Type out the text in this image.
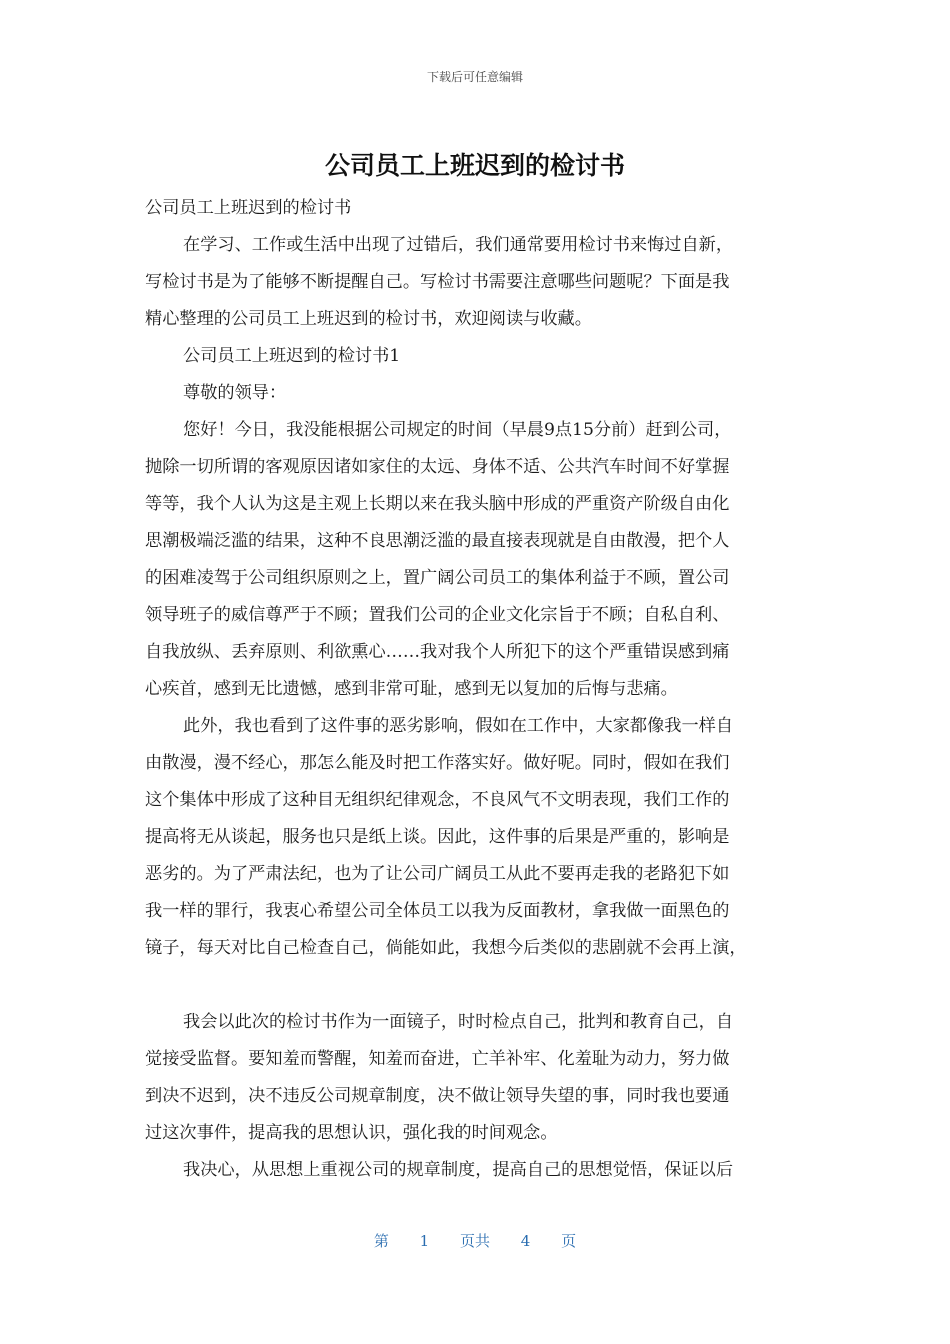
下载后可任意编辑
公司员工上班迟到的检讨书
公司员工上班迟到的检讨书
在学习、工作或生活中出现了过错后，我们通常要用检讨书来悔过自新，
写检讨书是为了能够不断提醒自己。写检讨书需要注意哪些问题呢？下面是我
精心整理的公司员工上班迟到的检讨书，欢迎阅读与收藏。
公司员工上班迟到的检讨书1
尊敬的领导：
您好！今日，我没能根据公司规定的时间（早晨9点15分前）赶到公司，
抛除一切所谓的客观原因诸如家住的太远、身体不适、公共汽车时间不好掌握
等等，我个人认为这是主观上长期以来在我头脑中形成的严重资产阶级自由化
思潮极端泛滥的结果，这种不良思潮泛滥的最直接表现就是自由散漫，把个人
的困难凌驾于公司组织原则之上，置广阔公司员工的集体利益于不顾，置公司
领导班子的威信尊严于不顾；置我们公司的企业文化宗旨于不顾；自私自利、
自我放纵、丢弃原则、利欲熏心……我对我个人所犯下的这个严重错误感到痛
心疾首，感到无比遗憾，感到非常可耻，感到无以复加的后悔与悲痛。
此外，我也看到了这件事的恶劣影响，假如在工作中，大家都像我一样自
由散漫，漫不经心，那怎么能及时把工作落实好。做好呢。同时，假如在我们
这个集体中形成了这种目无组织纪律观念，不良风气不文明表现，我们工作的
提高将无从谈起，服务也只是纸上谈。因此，这件事的后果是严重的，影响是
恶劣的。为了严肃法纪，也为了让公司广阔员工从此不要再走我的老路犯下如
我一样的罪行，我衷心希望公司全体员工以我为反面教材，拿我做一面黑色的
镜子，每天对比自己检查自己，倘能如此，我想今后类似的悲剧就不会再上演，
我会以此次的检讨书作为一面镜子，时时检点自己，批判和教育自己，自
觉接受监督。要知羞而警醒，知羞而奋进，亡羊补牢、化羞耻为动力，努力做
到决不迟到，决不违反公司规章制度，决不做让领导失望的事，同时我也要通
过这次事件，提高我的思想认识，强化我的时间观念。
我决心，从思想上重视公司的规章制度，提高自己的思想觉悟，保证以后
第 1 页共 4 页
